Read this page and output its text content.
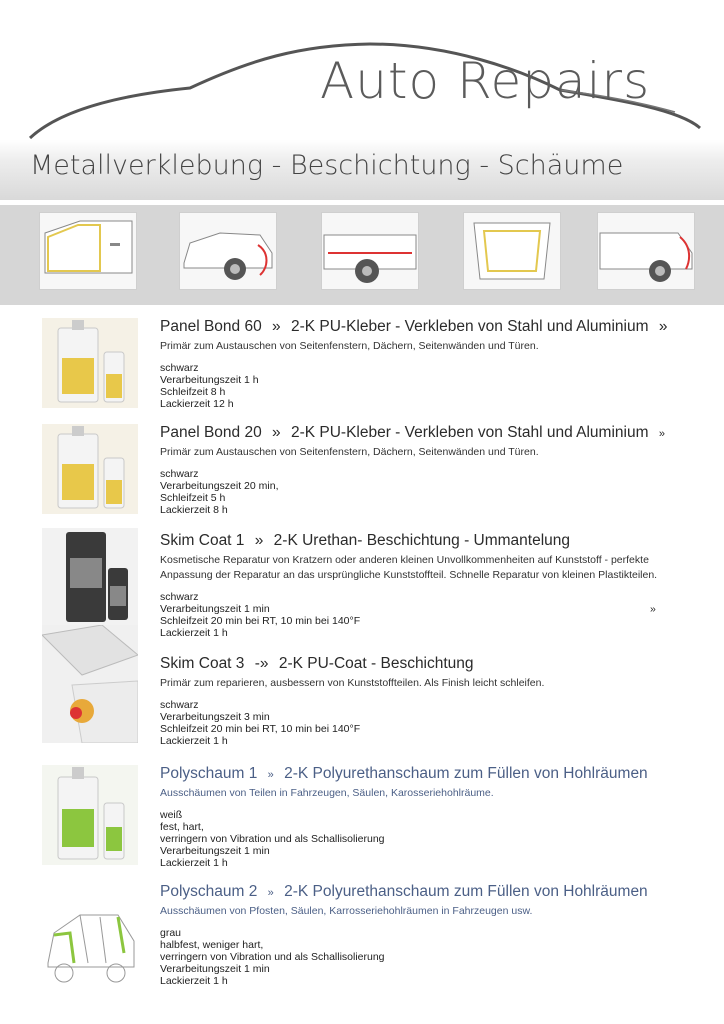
Auto Repairs
Metallverklebung - Beschichtung - Schäume
Panel Bond 60 » 2-K PU-Kleber - Verkleben von Stahl und Aluminium »
Primär zum Austauschen von Seitenfenstern, Dächern, Seitenwänden und Türen.
schwarz
Verarbeitungszeit 1 h
Schleifzeit 8 h
Lackierzeit 12 h
Panel Bond 20 » 2-K PU-Kleber - Verkleben von Stahl und Aluminium »
Primär zum Austauschen von Seitenfenstern, Dächern, Seitenwänden und Türen.
schwarz
Verarbeitungszeit 20 min,
Schleifzeit 5 h
Lackierzeit 8 h
Skim Coat 1 » 2-K Urethan- Beschichtung - Ummantelung
Kosmetische Reparatur von Kratzern oder anderen kleinen Unvollkommenheiten auf Kunststoff - perfekte Anpassung der Reparatur an das ursprüngliche Kunststoffteil. Schnelle Reparatur von kleinen Plastikteilen.
schwarz
Verarbeitungszeit 1 min
Schleifzeit 20 min bei RT, 10 min bei 140°F
Lackierzeit 1 h
»
Skim Coat 3 -» 2-K PU-Coat - Beschichtung
Primär zum reparieren, ausbessern von Kunststoffteilen. Als Finish leicht schleifen.
schwarz
Verarbeitungszeit 3 min
Schleifzeit 20 min bei RT, 10 min bei 140°F
Lackierzeit 1 h
Polyschaum 1 » 2-K Polyurethanschaum zum Füllen von Hohlräumen
Ausschäumen von Teilen in Fahrzeugen, Säulen, Karosseriehohlräume.
weiß
fest, hart,
verringern von Vibration und als Schallisolierung
Verarbeitungszeit 1 min
Lackierzeit 1 h
Polyschaum 2 » 2-K Polyurethanschaum zum Füllen von Hohlräumen
Ausschäumen von Pfosten, Säulen, Karrosseriehohlräumen in Fahrzeugen usw.
grau
halbfest, weniger hart,
verringern von Vibration und als Schallisolierung
Verarbeitungszeit 1 min
Lackierzeit 1 h
